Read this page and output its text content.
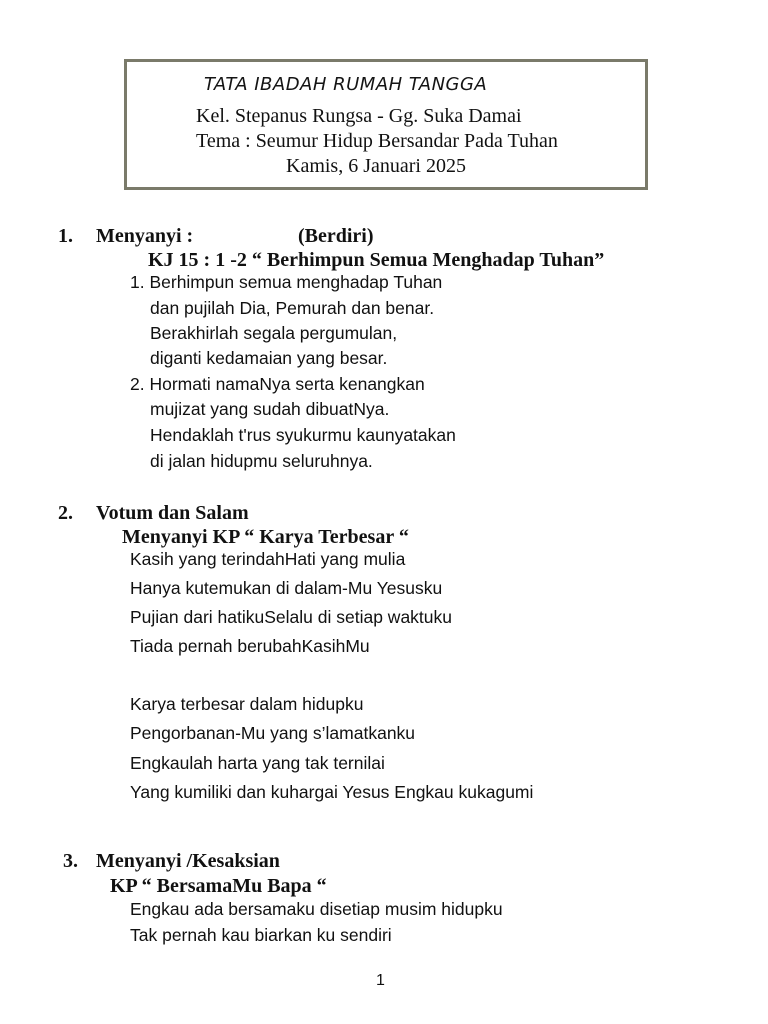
TATA IBADAH RUMAH TANGGA
Kel. Stepanus Rungsa - Gg. Suka Damai
Tema : Seumur Hidup Bersandar Pada Tuhan
Kamis, 6 Januari 2025
1. Menyanyi :	(Berdiri)
KJ 15 : 1 -2 “ Berhimpun Semua Menghadap Tuhan”
1. Berhimpun semua menghadap Tuhan
dan pujilah Dia, Pemurah dan benar.
Berakhirlah segala pergumulan,
diganti kedamaian yang besar.
2. Hormati namaNya serta kenangkan
mujizat yang sudah dibuatNya.
Hendaklah t'rus syukurmu kaunyatakan
di jalan hidupmu seluruhnya.
2. Votum dan Salam
Menyanyi KP “ Karya Terbesar “
Kasih yang terindahHati yang mulia
Hanya kutemukan di dalam-Mu Yesusku
Pujian dari hatikuSelalu di setiap waktuku
Tiada pernah berubahKasihMu
Karya terbesar dalam hidupku
Pengorbanan-Mu yang s’lamatkanku
Engkaulah harta yang tak ternilai
Yang kumiliki dan kuhargai Yesus Engkau kukagumi
3. Menyanyi /Kesaksian
KP “ BersamaMu Bapa “
Engkau ada bersamaku disetiap musim hidupku
Tak pernah kau biarkan ku sendiri
1
